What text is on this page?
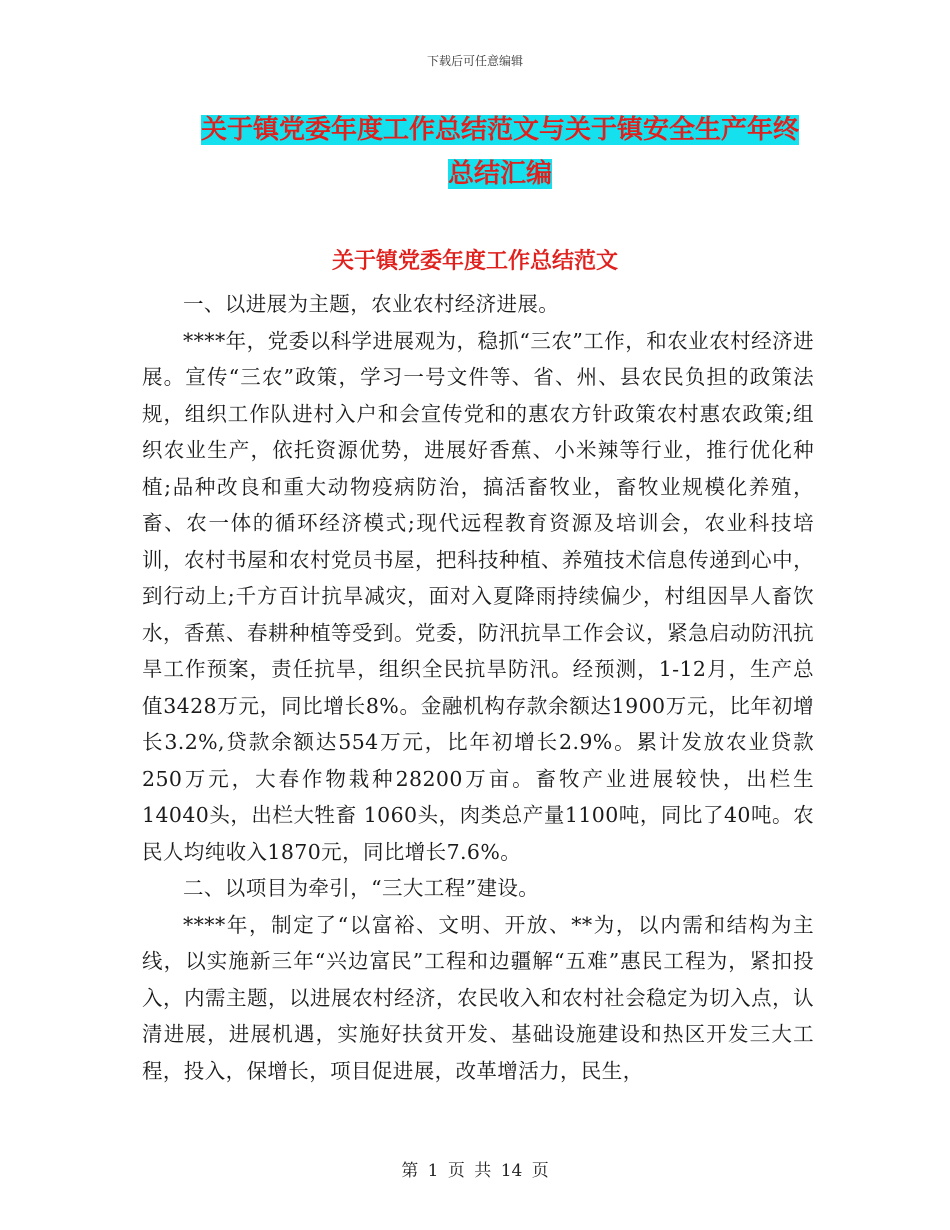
下载后可任意编辑
关于镇党委年度工作总结范文与关于镇安全生产年终
总结汇编
关于镇党委年度工作总结范文

一、以进展为主题，农业农村经济进展。

****年，党委以科学进展观为，稳抓“三农”工作，和农业农村经济进展。宣传“三农”政策，学习一号文件等、省、州、县农民负担的政策法规，组织工作队进村入户和会宣传党和的惠农方针政策农村惠农政策;组织农业生产，依托资源优势，进展好香蕉、小米辣等行业，推行优化种植;品种改良和重大动物疫病防治，搞活畜牧业，畜牧业规模化养殖，畜、农一体的循环经济模式;现代远程教育资源及培训会，农业科技培训，农村书屋和农村党员书屋，把科技种植、养殖技术信息传递到心中，到行动上;千方百计抗旱减灾，面对入夏降雨持续偏少，村组因旱人畜饮水，香蕉、春耕种植等受到。党委，防汛抗旱工作会议，紧急启动防汛抗旱工作预案，责任抗旱，组织全民抗旱防汛。经预测，1-12月，生产总值3428万元，同比增长8%。金融机构存款余额达1900万元，比年初增长3.2%,贷款余额达554万元，比年初增长2.9%。累计发放农业贷款250万元，大春作物栽种28200万亩。畜牧产业进展较快，出栏生14040头，出栏大牲畜 1060头，肉类总产量1100吨，同比了40吨。农民人均纯收入1870元，同比增长7.6%。

二、以项目为牵引，“三大工程”建设。

****年，制定了“以富裕、文明、开放、**为，以内需和结构为主线，以实施新三年“兴边富民”工程和边疆解“五难”惠民工程为，紧扣投入，内需主题，以进展农村经济，农民收入和农村社会稳定为切入点，认清进展，进展机遇，实施好扶贫开发、基础设施建设和热区开发三大工程，投入，保增长，项目促进展，改革增活力，民生，

第 1 页 共 14 页
